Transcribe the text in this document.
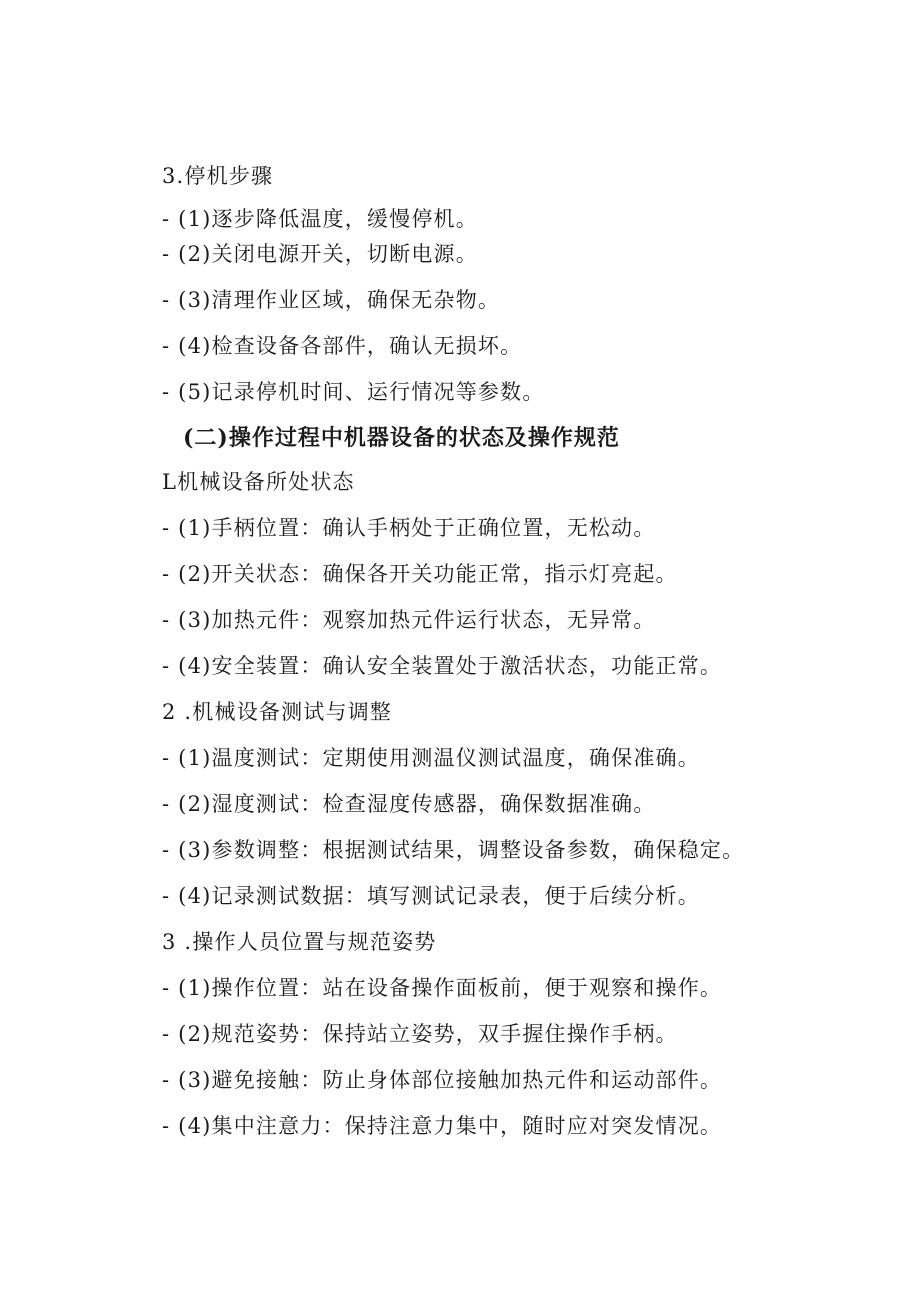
3.停机步骤
- (1)逐步降低温度，缓慢停机。
- (2)关闭电源开关，切断电源。
- (3)清理作业区域，确保无杂物。
- (4)检查设备各部件，确认无损坏。
- (5)记录停机时间、运行情况等参数。
(二)操作过程中机器设备的状态及操作规范
L机械设备所处状态
- (1)手柄位置：确认手柄处于正确位置，无松动。
- (2)开关状态：确保各开关功能正常，指示灯亮起。
- (3)加热元件：观察加热元件运行状态，无异常。
- (4)安全装置：确认安全装置处于激活状态，功能正常。
2 .机械设备测试与调整
- (1)温度测试：定期使用测温仪测试温度，确保准确。
- (2)湿度测试：检查湿度传感器，确保数据准确。
- (3)参数调整：根据测试结果，调整设备参数，确保稳定。
- (4)记录测试数据：填写测试记录表，便于后续分析。
3 .操作人员位置与规范姿势
- (1)操作位置：站在设备操作面板前，便于观察和操作。
- (2)规范姿势：保持站立姿势，双手握住操作手柄。
- (3)避免接触：防止身体部位接触加热元件和运动部件。
- (4)集中注意力：保持注意力集中，随时应对突发情况。
